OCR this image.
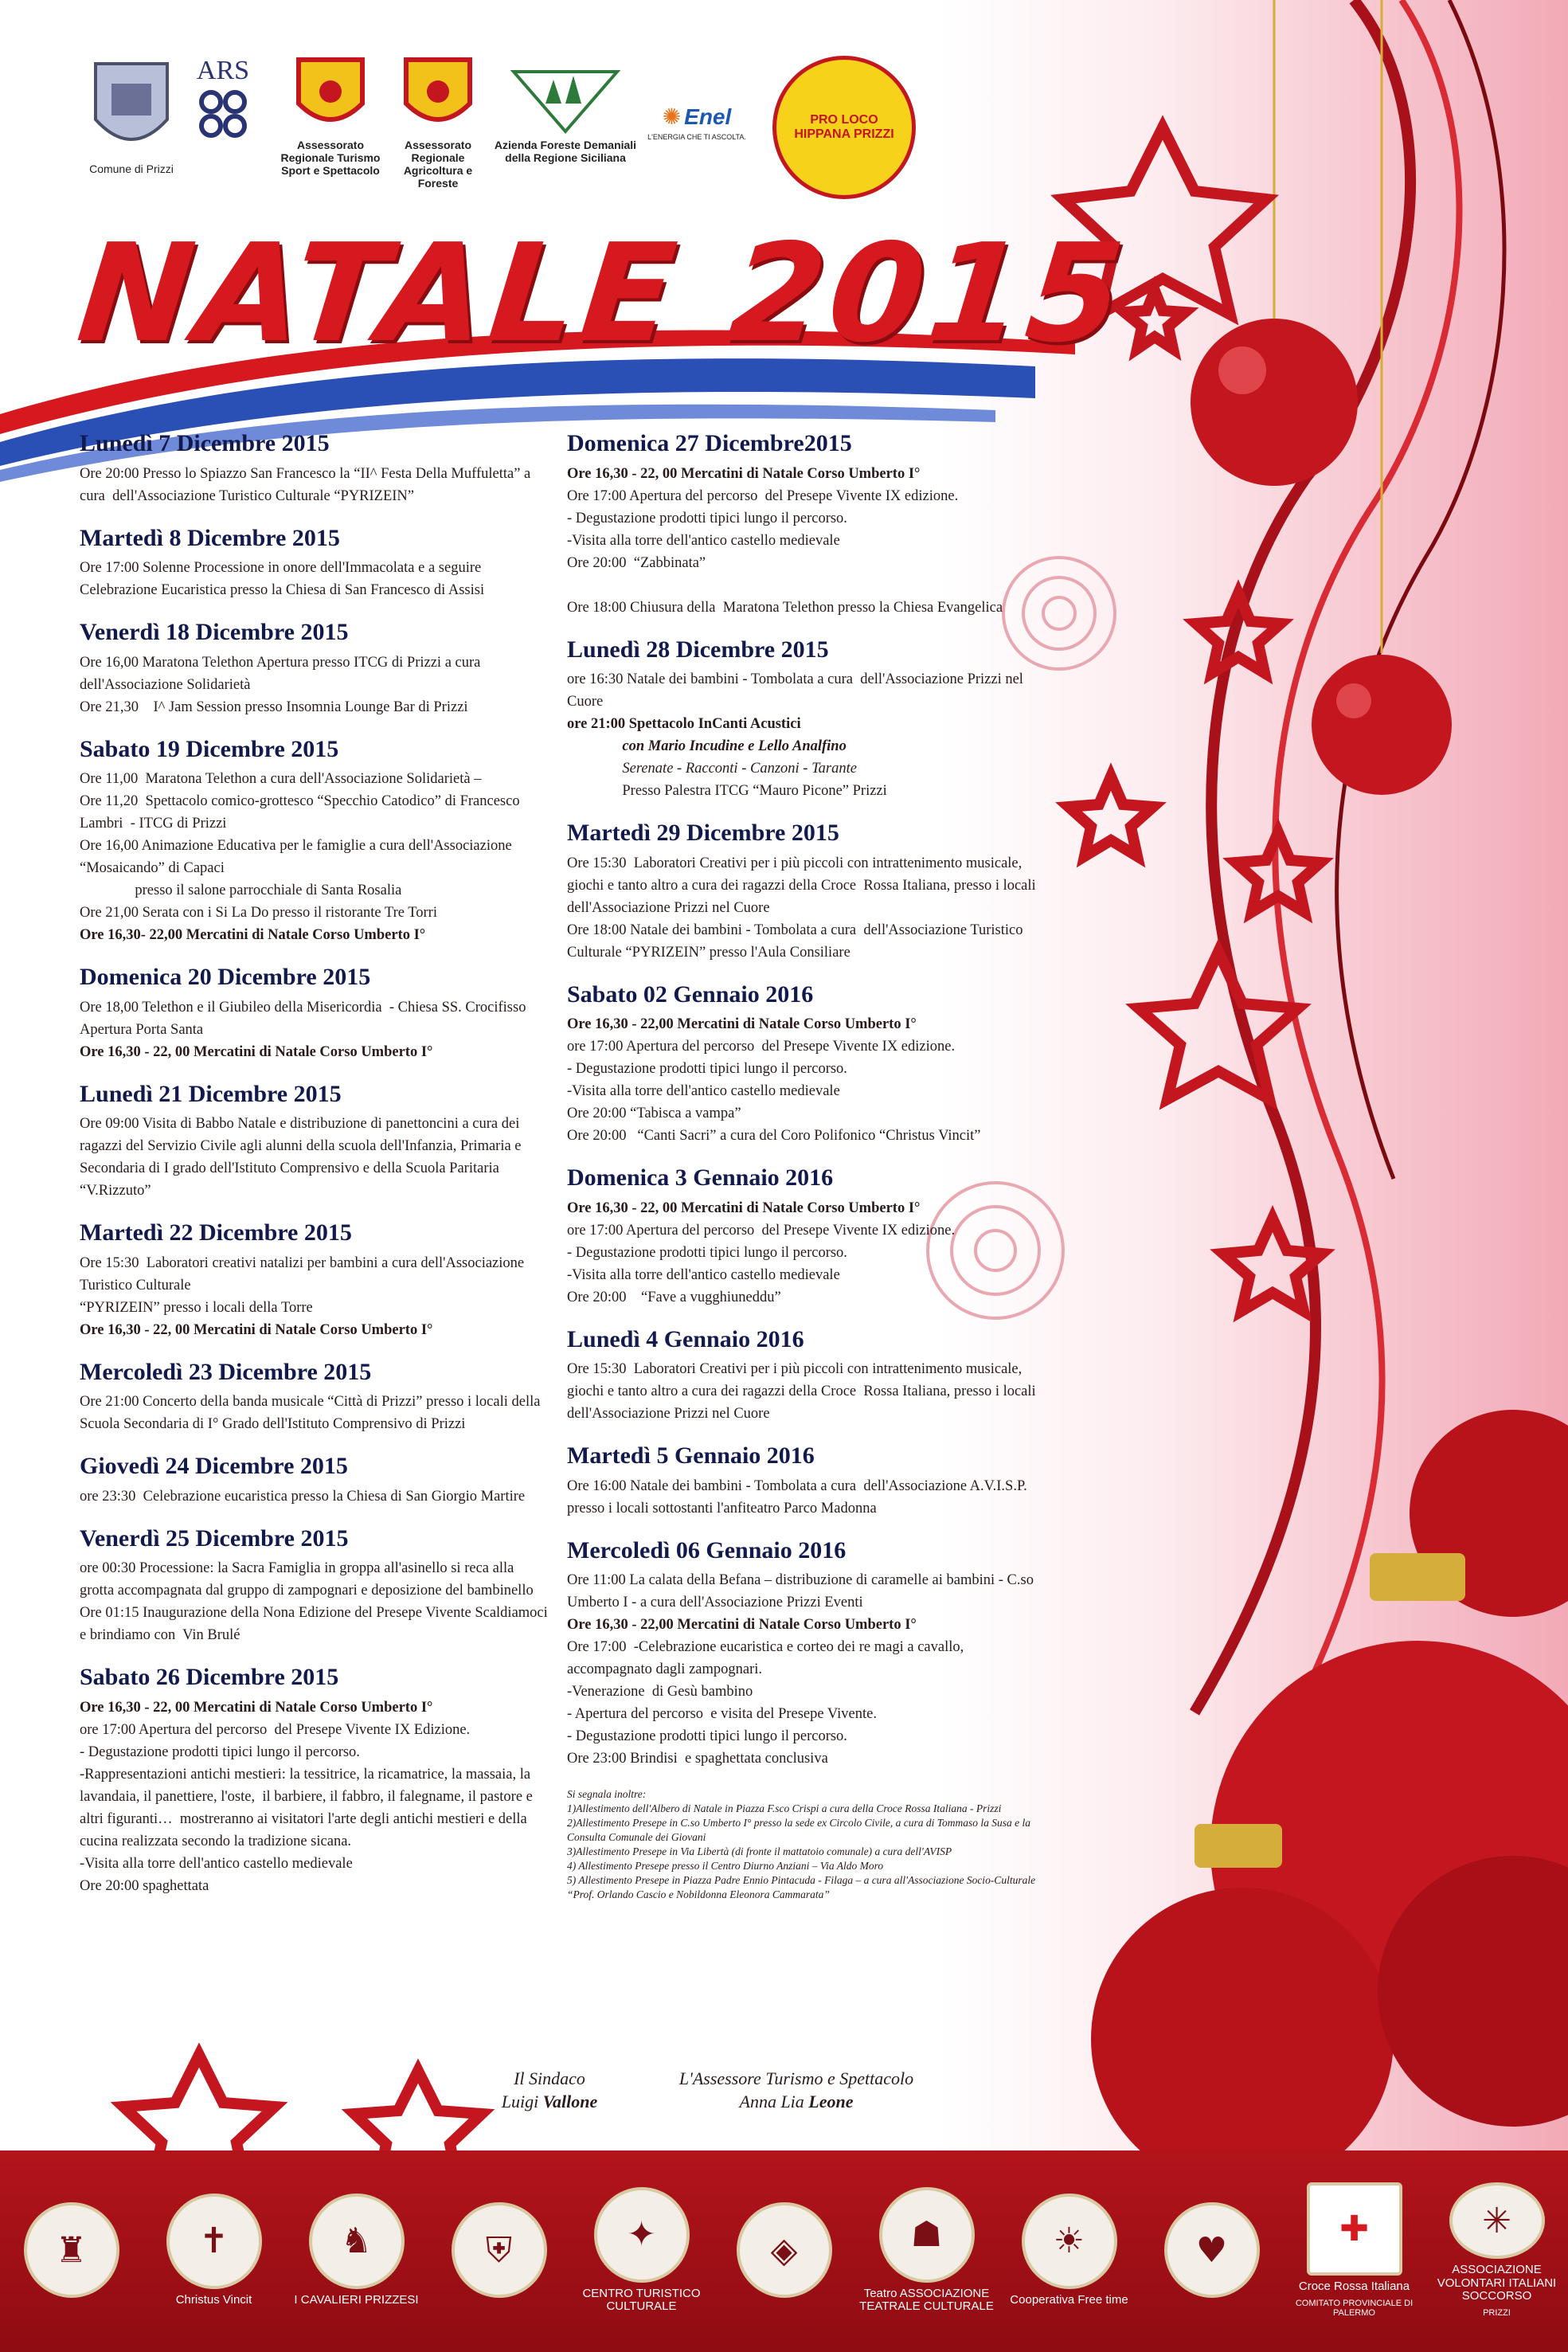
Comune di Prizzi
ARS
Assessorato Regionale Turismo Sport e Spettacolo
Assessorato Regionale Agricoltura e Foreste
Azienda Foreste Demaniali della Regione Siciliana
✺ Enel
L'ENERGIA CHE TI ASCOLTA.
PRO LOCO HIPPANA PRIZZI
NATALE 2015
Lunedì 7 Dicembre 2015
Ore 20:00 Presso lo Spiazzo San Francesco la “II^ Festa Della Muffuletta” a cura  dell'Associazione Turistico Culturale “PYRIZEIN”
Martedì 8 Dicembre 2015
Ore 17:00 Solenne Processione in onore dell'Immacolata e a seguire Celebrazione Eucaristica presso la Chiesa di San Francesco di Assisi
Venerdì 18 Dicembre 2015
Ore 16,00 Maratona Telethon Apertura presso ITCG di Prizzi a cura dell'Associazione Solidarietà
Ore 21,30    I^ Jam Session presso Insomnia Lounge Bar di Prizzi
Sabato 19 Dicembre 2015
Ore 11,00  Maratona Telethon a cura dell'Associazione Solidarietà –
Ore 11,20  Spettacolo comico-grottesco “Specchio Catodico” di Francesco Lambri  - ITCG di Prizzi
Ore 16,00 Animazione Educativa per le famiglie a cura dell'Associazione “Mosaicando” di Capaci
presso il salone parrocchiale di Santa Rosalia
Ore 21,00 Serata con i Si La Do presso il ristorante Tre Torri
Ore 16,30- 22,00 Mercatini di Natale Corso Umberto I°
Domenica 20 Dicembre 2015
Ore 18,00 Telethon e il Giubileo della Misericordia  - Chiesa SS. Crocifisso Apertura Porta Santa
Ore 16,30 - 22, 00 Mercatini di Natale Corso Umberto I°
Lunedì 21 Dicembre 2015
Ore 09:00 Visita di Babbo Natale e distribuzione di panettoncini a cura dei ragazzi del Servizio Civile agli alunni della scuola dell'Infanzia, Primaria e Secondaria di I grado dell'Istituto Comprensivo e della Scuola Paritaria “V.Rizzuto”
Martedì 22 Dicembre 2015
Ore 15:30  Laboratori creativi natalizi per bambini a cura dell'Associazione Turistico Culturale
“PYRIZEIN” presso i locali della Torre
Ore 16,30 - 22, 00 Mercatini di Natale Corso Umberto I°
Mercoledì 23 Dicembre 2015
Ore 21:00 Concerto della banda musicale “Città di Prizzi” presso i locali della Scuola Secondaria di I° Grado dell'Istituto Comprensivo di Prizzi
Giovedì 24 Dicembre 2015
ore 23:30  Celebrazione eucaristica presso la Chiesa di San Giorgio Martire
Venerdì 25 Dicembre 2015
ore 00:30 Processione: la Sacra Famiglia in groppa all'asinello si reca alla  grotta accompagnata dal gruppo di zampognari e deposizione del bambinello
Ore 01:15 Inaugurazione della Nona Edizione del Presepe Vivente Scaldiamoci e brindiamo con  Vin Brulé
Sabato 26 Dicembre 2015
Ore 16,30 - 22, 00 Mercatini di Natale Corso Umberto I°
ore 17:00 Apertura del percorso  del Presepe Vivente IX Edizione.
- Degustazione prodotti tipici lungo il percorso.
-Rappresentazioni antichi mestieri: la tessitrice, la ricamatrice, la massaia, la lavandaia, il panettiere, l'oste,  il barbiere, il fabbro, il falegname, il pastore e altri figuranti…  mostreranno ai visitatori l'arte degli antichi mestieri e della cucina realizzata secondo la tradizione sicana.
-Visita alla torre dell'antico castello medievale
Ore 20:00 spaghettata
Domenica 27 Dicembre2015
Ore 16,30 - 22, 00 Mercatini di Natale Corso Umberto I°
Ore 17:00 Apertura del percorso  del Presepe Vivente IX edizione.
- Degustazione prodotti tipici lungo il percorso.
-Visita alla torre dell'antico castello medievale
Ore 20:00  “Zabbinata”

Ore 18:00 Chiusura della  Maratona Telethon presso la Chiesa Evangelica
Lunedì 28 Dicembre 2015
ore 16:30 Natale dei bambini - Tombolata a cura  dell'Associazione Prizzi nel Cuore
ore 21:00 Spettacolo InCanti Acustici
con Mario Incudine e Lello Analfino
Serenate - Racconti - Canzoni - Tarante
Presso Palestra ITCG “Mauro Picone” Prizzi
Martedì 29 Dicembre 2015
Ore 15:30  Laboratori Creativi per i più piccoli con intrattenimento musicale, giochi e tanto altro a cura dei ragazzi della Croce  Rossa Italiana, presso i locali dell'Associazione Prizzi nel Cuore
Ore 18:00 Natale dei bambini - Tombolata a cura  dell'Associazione Turistico Culturale “PYRIZEIN” presso l'Aula Consiliare
Sabato 02 Gennaio 2016
Ore 16,30 - 22,00 Mercatini di Natale Corso Umberto I°
ore 17:00 Apertura del percorso  del Presepe Vivente IX edizione.
- Degustazione prodotti tipici lungo il percorso.
-Visita alla torre dell'antico castello medievale
Ore 20:00 “Tabisca a vampa”
Ore 20:00   “Canti Sacri” a cura del Coro Polifonico “Christus Vincit”
Domenica 3 Gennaio 2016
Ore 16,30 - 22, 00 Mercatini di Natale Corso Umberto I°
ore 17:00 Apertura del percorso  del Presepe Vivente IX edizione.
- Degustazione prodotti tipici lungo il percorso.
-Visita alla torre dell'antico castello medievale
Ore 20:00    “Fave a vugghiuneddu”
Lunedì 4 Gennaio 2016
Ore 15:30  Laboratori Creativi per i più piccoli con intrattenimento musicale, giochi e tanto altro a cura dei ragazzi della Croce  Rossa Italiana, presso i locali dell'Associazione Prizzi nel Cuore
Martedì 5 Gennaio 2016
Ore 16:00 Natale dei bambini - Tombolata a cura  dell'Associazione A.V.I.S.P.  presso i locali sottostanti l'anfiteatro Parco Madonna
Mercoledì 06 Gennaio 2016
Ore 11:00 La calata della Befana – distribuzione di caramelle ai bambini - C.so Umberto I - a cura dell'Associazione Prizzi Eventi
Ore 16,30 - 22,00 Mercatini di Natale Corso Umberto I°
Ore 17:00  -Celebrazione eucaristica e corteo dei re magi a cavallo, accompagnato dagli zampognari.
-Venerazione  di Gesù bambino
- Apertura del percorso  e visita del Presepe Vivente.
- Degustazione prodotti tipici lungo il percorso.
Ore 23:00 Brindisi  e spaghettata conclusiva
Si segnala inoltre:
1)Allestimento dell'Albero di Natale in Piazza F.sco Crispi a cura della Croce Rossa Italiana - Prizzi
2)Allestimento Presepe in C.so Umberto I° presso la sede ex Circolo Civile, a cura di Tommaso la Susa e la Consulta Comunale dei Giovani
3)Allestimento Presepe in Via Libertà (di fronte il mattatoio comunale) a cura dell'AVISP
4) Allestimento Presepe presso il Centro Diurno Anziani – Via Aldo Moro
5) Allestimento Presepe in Piazza Padre Ennio Pintacuda - Filaga – a cura all'Associazione Socio-Culturale “Prof. Orlando Cascio e Nobildonna Eleonora Cammarata”
Il Sindaco
Luigi Vallone
L'Assessore Turismo e Spettacolo
Anna Lia Leone
♜	✝
Christus Vincit
♞
I CAVALIERI PRIZZESI
⛨	✦
CENTRO TURISTICO CULTURALE
◈	☗
Teatro ASSOCIAZIONE TEATRALE CULTURALE
☀
Cooperativa Free time
♥
✚
Croce Rossa Italiana
COMITATO PROVINCIALE DI PALERMO
✳
ASSOCIAZIONE VOLONTARI ITALIANI SOCCORSO
PRIZZI
